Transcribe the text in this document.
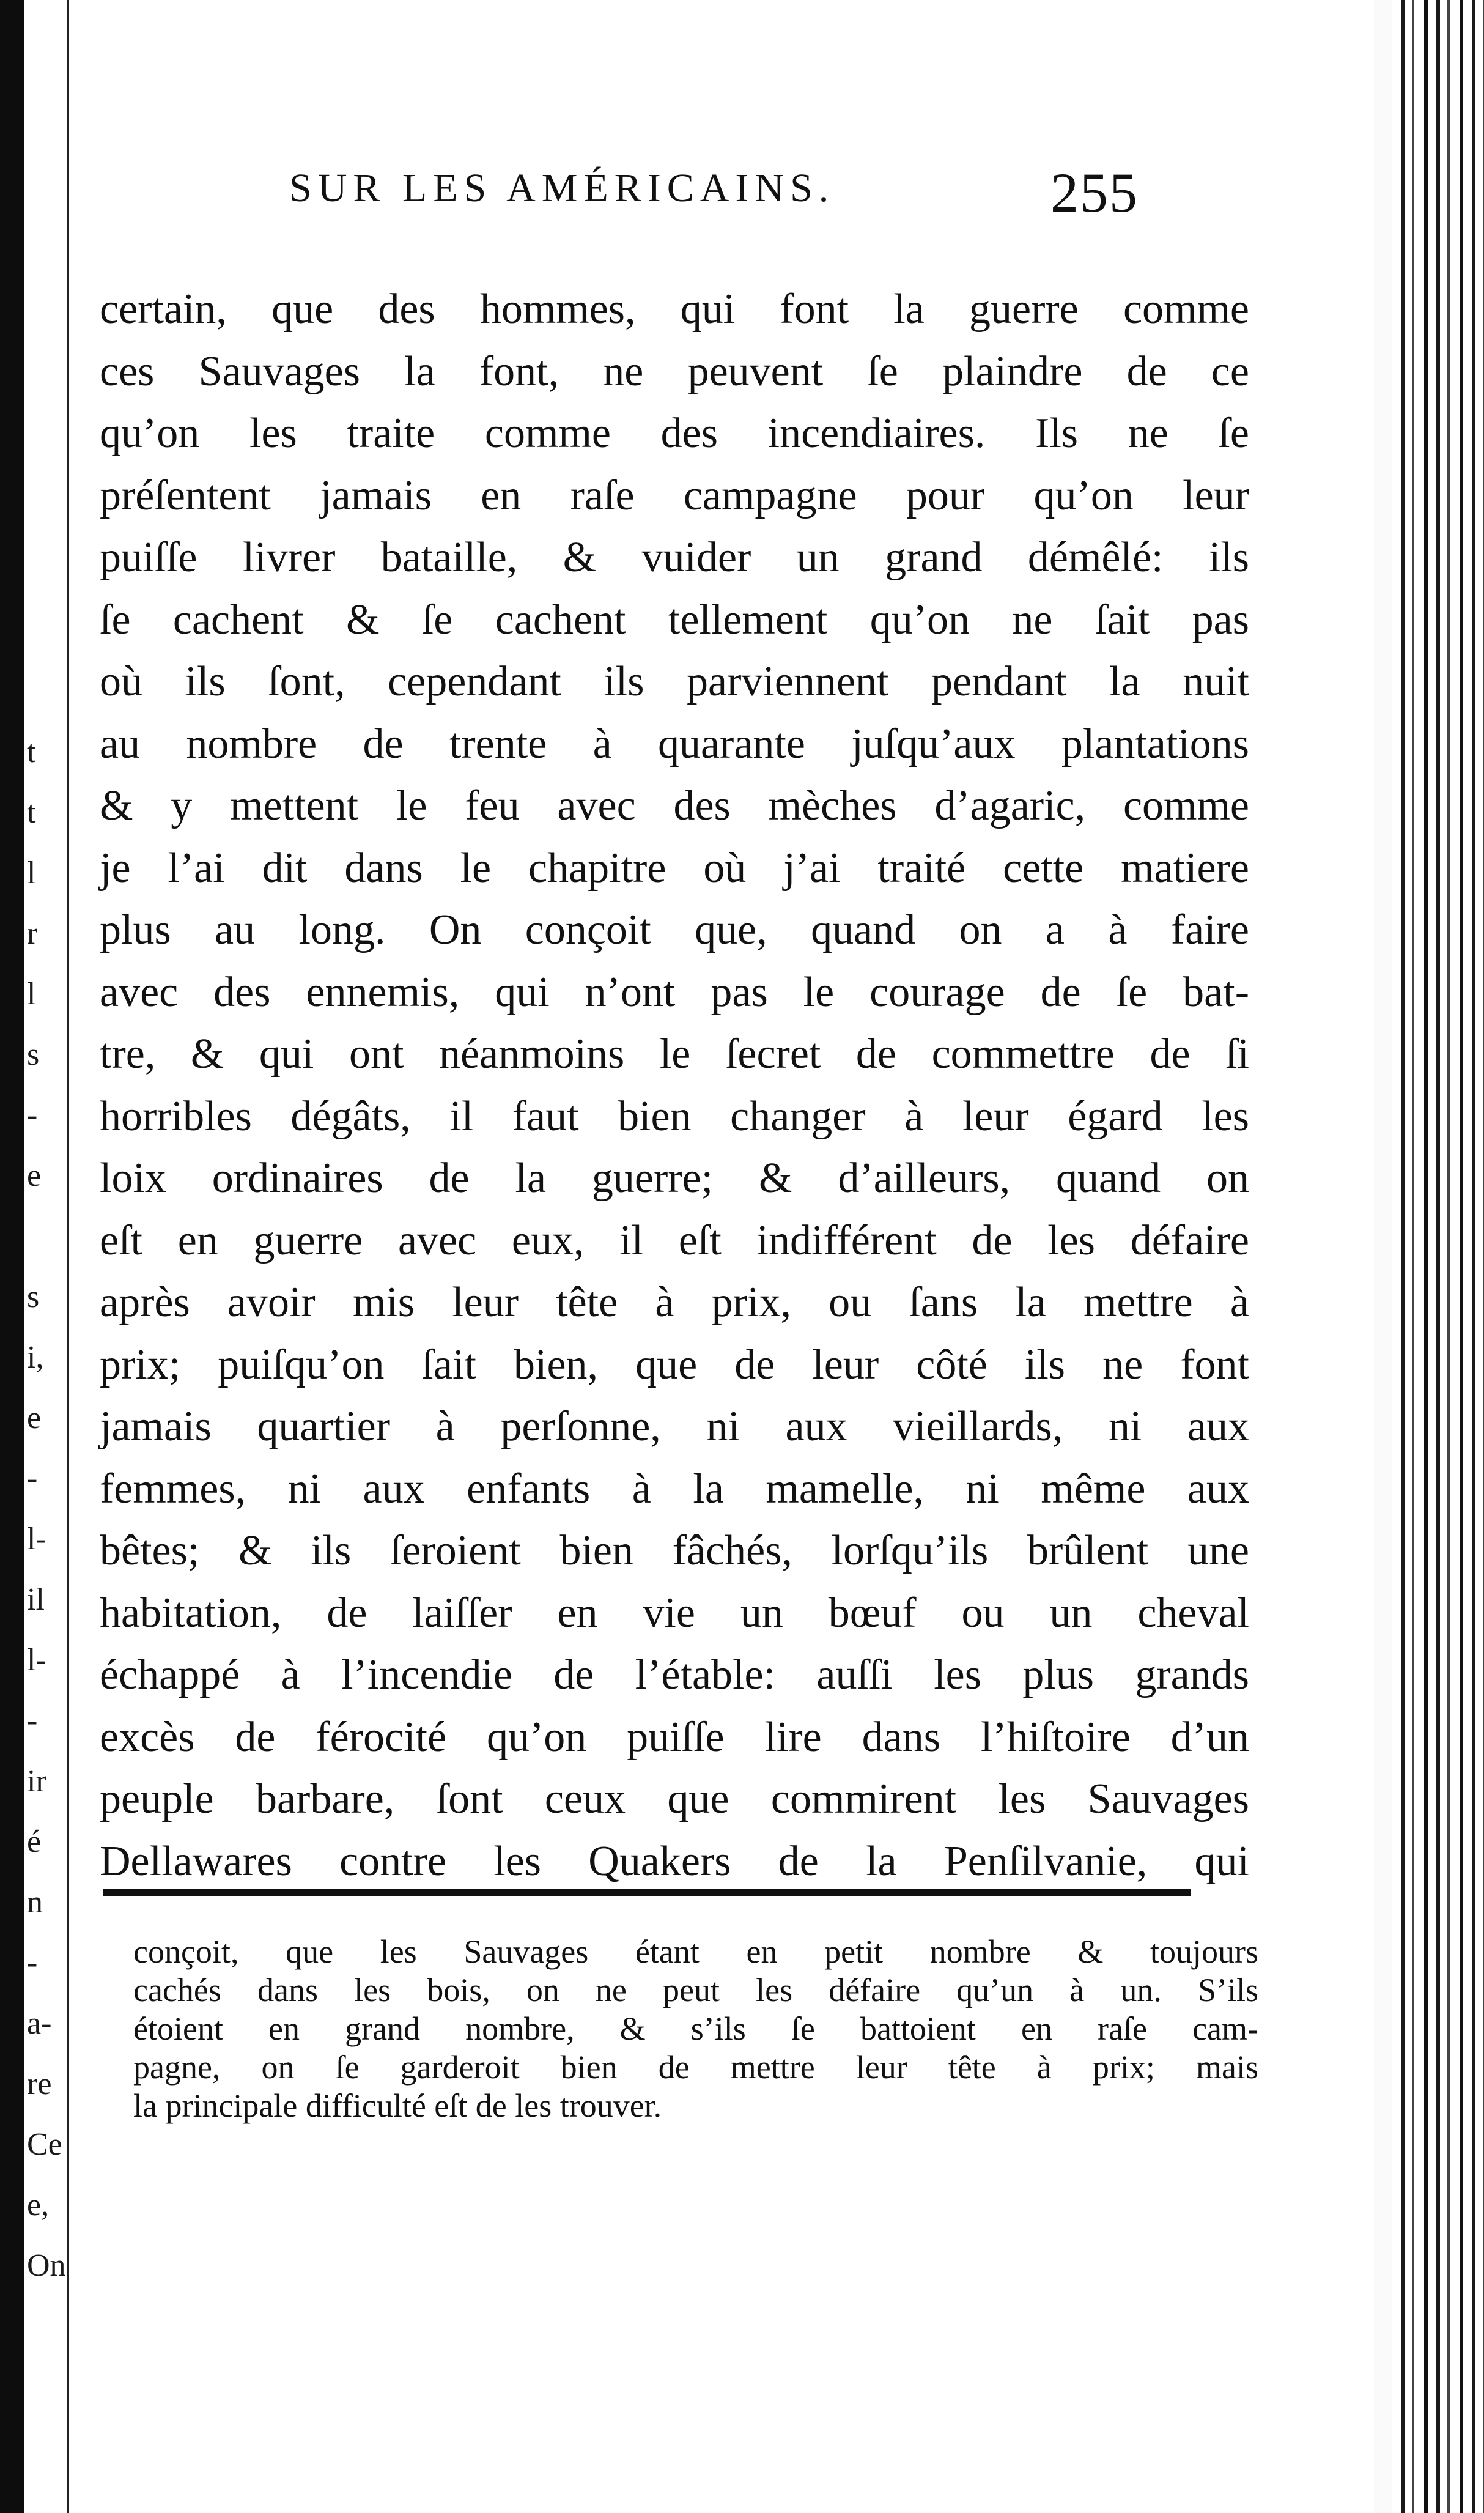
t
t
l
r
l
s
-
e
s
i,
e
-
l-
il
l-
-
ir
é
n
-
a-
re
Ce
e,
On
SUR LES AMÉRICAINS.	255
certain, que des hommes, qui font la guerre comme
ces Sauvages la font, ne peuvent ſe plaindre de ce
qu’on les traite comme des incendiaires. Ils ne ſe
préſentent jamais en raſe campagne pour qu’on leur
puiſſe livrer bataille, & vuider un grand démêlé: ils
ſe cachent & ſe cachent tellement qu’on ne ſait pas
où ils ſont, cependant ils parviennent pendant la nuit
au nombre de trente à quarante juſqu’aux plantations
& y mettent le feu avec des mèches d’agaric, comme
je l’ai dit dans le chapitre où j’ai traité cette matiere
plus au long. On conçoit que, quand on a à faire
avec des ennemis, qui n’ont pas le courage de ſe bat-
tre, & qui ont néanmoins le ſecret de commettre de ſi
horribles dégâts, il faut bien changer à leur égard les
loix ordinaires de la guerre; & d’ailleurs, quand on
eſt en guerre avec eux, il eſt indifférent de les défaire
après avoir mis leur tête à prix, ou ſans la mettre à
prix; puiſqu’on ſait bien, que de leur côté ils ne font
jamais quartier à perſonne, ni aux vieillards, ni aux
femmes, ni aux enfants à la mamelle, ni même aux
bêtes; & ils ſeroient bien fâchés, lorſqu’ils brûlent une
habitation, de laiſſer en vie un bœuf ou un cheval
échappé à l’incendie de l’étable: auſſi les plus grands
excès de férocité qu’on puiſſe lire dans l’hiſtoire d’un
peuple barbare, ſont ceux que commirent les Sauvages
Dellawares contre les Quakers de la Penſilvanie, qui
conçoit, que les Sauvages étant en petit nombre & toujours
cachés dans les bois, on ne peut les défaire qu’un à un. S’ils
étoient en grand nombre, & s’ils ſe battoient en raſe cam-
pagne, on ſe garderoit bien de mettre leur tête à prix; mais
la principale difficulté eſt de les trouver.
